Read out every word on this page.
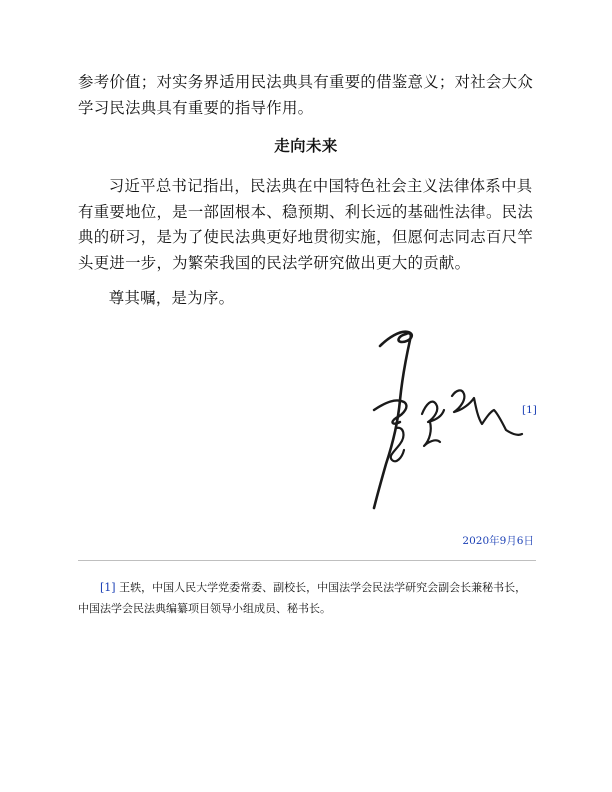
参考价值；对实务界适用民法典具有重要的借鉴意义；对社会大众学习民法典具有重要的指导作用。

走向未来

习近平总书记指出，民法典在中国特色社会主义法律体系中具有重要地位，是一部固根本、稳预期、利长远的基础性法律。民法典的研习，是为了使民法典更好地贯彻实施，但愿何志同志百尺竿头更进一步，为繁荣我国的民法学研究做出更大的贡献。

尊其嘱，是为序。

[1]
2020年9月6日

[1] 王轶，中国人民大学党委常委、副校长，中国法学会民法学研究会副会长兼秘书长，中国法学会民法典编纂项目领导小组成员、秘书长。
